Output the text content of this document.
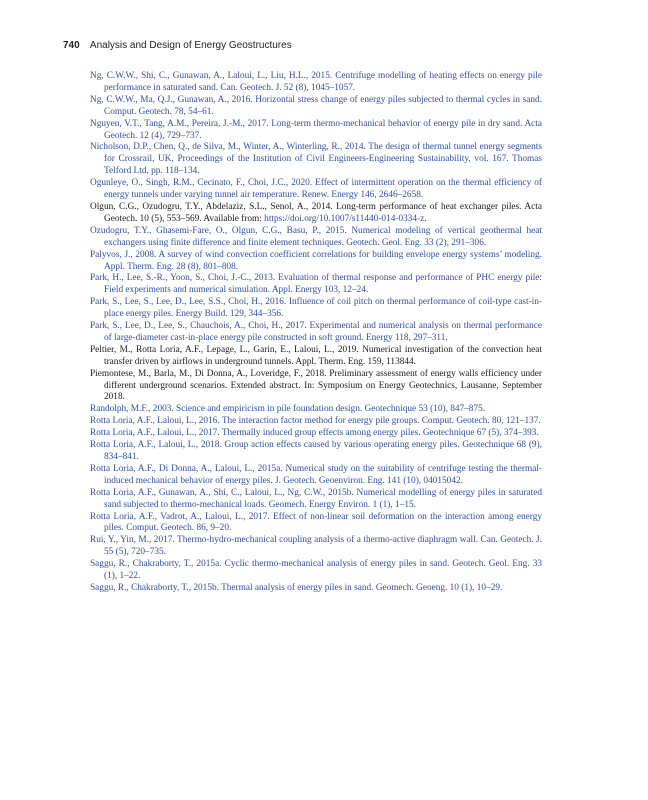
740 Analysis and Design of Energy Geostructures

Ng, C.W.W., Shi, C., Gunawan, A., Laloui, L., Liu, H.L., 2015. Centrifuge modelling of heating effects on energy pile performance in saturated sand. Can. Geotech. J. 52 (8), 1045–1057.

Ng, C.W.W., Ma, Q.J., Gunawan, A., 2016. Horizontal stress change of energy piles subjected to thermal cycles in sand. Comput. Geotech. 78, 54–61.

Nguyen, V.T., Tang, A.M., Pereira, J.-M., 2017. Long-term thermo-mechanical behavior of energy pile in dry sand. Acta Geotech. 12 (4), 729–737.

Nicholson, D.P., Chen, Q., de Silva, M., Winter, A., Winterling, R., 2014. The design of thermal tunnel energy segments for Crossrail, UK, Proceedings of the Institution of Civil Engineers-Engineering Sustainability, vol. 167. Thomas Telford Ltd, pp. 118–134.

Ogunleye, O., Singh, R.M., Cecinato, F., Choi, J.C., 2020. Effect of intermittent operation on the thermal efficiency of energy tunnels under varying tunnel air temperature. Renew. Energy 146, 2646–2658.

Olgun, C.G., Ozudogru, T.Y., Abdelaziz, S.L., Senol, A., 2014. Long-term performance of heat exchanger piles. Acta Geotech. 10 (5), 553–569. Available from: https://doi.org/10.1007/s11440-014-0334-z.

Ozudogru, T.Y., Ghasemi-Fare, O., Olgun, C.G., Basu, P., 2015. Numerical modeling of vertical geothermal heat exchangers using finite difference and finite element techniques. Geotech. Geol. Eng. 33 (2), 291–306.

Palyvos, J., 2008. A survey of wind convection coefficient correlations for building envelope energy systems’ modeling. Appl. Therm. Eng. 28 (8), 801–808.

Park, H., Lee, S.-R., Yoon, S., Choi, J.-C., 2013. Evaluation of thermal response and performance of PHC energy pile: Field experiments and numerical simulation. Appl. Energy 103, 12–24.

Park, S., Lee, S., Lee, D., Lee, S.S., Choi, H., 2016. Influence of coil pitch on thermal performance of coil-type cast-in-place energy piles. Energy Build. 129, 344–356.

Park, S., Lee, D., Lee, S., Chauchois, A., Choi, H., 2017. Experimental and numerical analysis on thermal performance of large-diameter cast-in-place energy pile constructed in soft ground. Energy 118, 297–311.

Peltier, M., Rotta Loria, A.F., Lepage, L., Garin, E., Laloui, L., 2019. Numerical investigation of the convection heat transfer driven by airflows in underground tunnels. Appl. Therm. Eng. 159, 113844.

Piemontese, M., Barla, M., Di Donna, A., Loveridge, F., 2018. Preliminary assessment of energy walls efficiency under different underground scenarios. Extended abstract. In: Symposium on Energy Geotechnics, Lausanne, September 2018.

Randolph, M.F., 2003. Science and empiricism in pile foundation design. Geotechnique 53 (10), 847–875.

Rotta Loria, A.F., Laloui, L., 2016. The interaction factor method for energy pile groups. Comput. Geotech. 80, 121–137.

Rotta Loria, A.F., Laloui, L., 2017. Thermally induced group effects among energy piles. Geotechnique 67 (5), 374–393.

Rotta Loria, A.F., Laloui, L., 2018. Group action effects caused by various operating energy piles. Geotechnique 68 (9), 834–841.

Rotta Loria, A.F., Di Donna, A., Laloui, L., 2015a. Numerical study on the suitability of centrifuge testing the thermal-induced mechanical behavior of energy piles. J. Geotech. Geoenviron. Eng. 141 (10), 04015042.

Rotta Loria, A.F., Gunawan, A., Shi, C., Laloui, L., Ng, C.W., 2015b. Numerical modelling of energy piles in saturated sand subjected to thermo-mechanical loads. Geomech. Energy Environ. 1 (1), 1–15.

Rotta Loria, A.F., Vadrot, A., Laloui, L., 2017. Effect of non-linear soil deformation on the interaction among energy piles. Comput. Geotech. 86, 9–20.

Rui, Y., Yin, M., 2017. Thermo-hydro-mechanical coupling analysis of a thermo-active diaphragm wall. Can. Geotech. J. 55 (5), 720–735.

Saggu, R., Chakraborty, T., 2015a. Cyclic thermo-mechanical analysis of energy piles in sand. Geotech. Geol. Eng. 33 (1), 1–22.

Saggu, R., Chakraborty, T., 2015b. Thermal analysis of energy piles in sand. Geomech. Geoeng. 10 (1), 10–29.
